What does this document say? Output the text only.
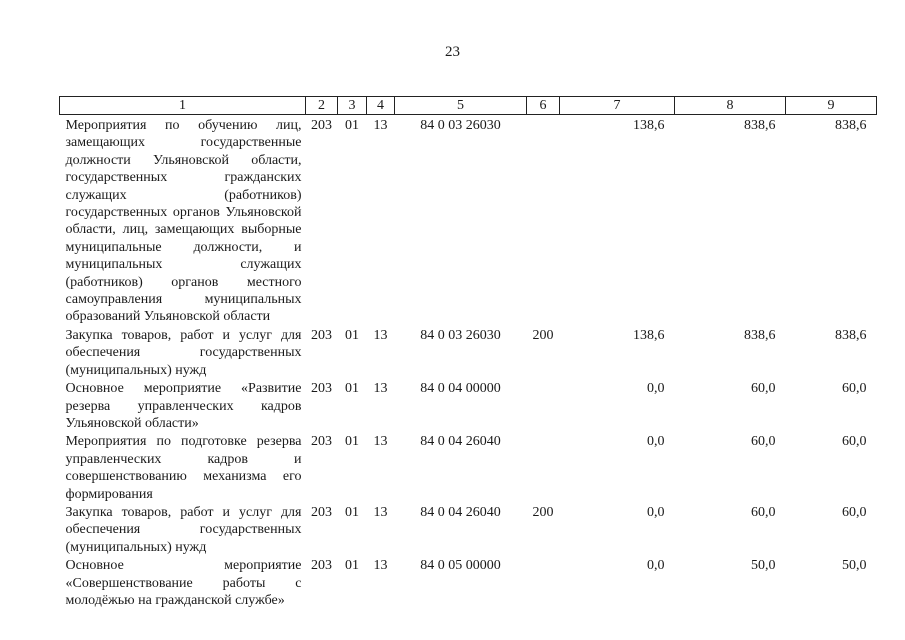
23
1	2	3	4	5	6	7	8	9
Мероприятия по обучению лиц, замещающих государственные должности Ульяновской области, государственных гражданских служащих (работников) государственных органов Ульяновской области, лиц, замещающих выборные муниципальные должности, и муниципальных служащих (работников) органов местного самоуправления муниципальных образований Ульяновской области	203	01	13	84 0 03 26030		138,6	838,6	838,6
Закупка товаров, работ и услуг для обеспечения государственных (муниципальных) нужд	203	01	13	84 0 03 26030	200	138,6	838,6	838,6
Основное мероприятие «Развитие резерва управленческих кадров Ульяновской области»	203	01	13	84 0 04 00000		0,0	60,0	60,0
Мероприятия по подготовке резерва управленческих кадров и совершенствованию механизма его формирования	203	01	13	84 0 04 26040		0,0	60,0	60,0
Закупка товаров, работ и услуг для обеспечения государственных (муниципальных) нужд	203	01	13	84 0 04 26040	200	0,0	60,0	60,0
Основное мероприятие «Совершенствование работы с молодёжью на гражданской службе»	203	01	13	84 0 05 00000		0,0	50,0	50,0
